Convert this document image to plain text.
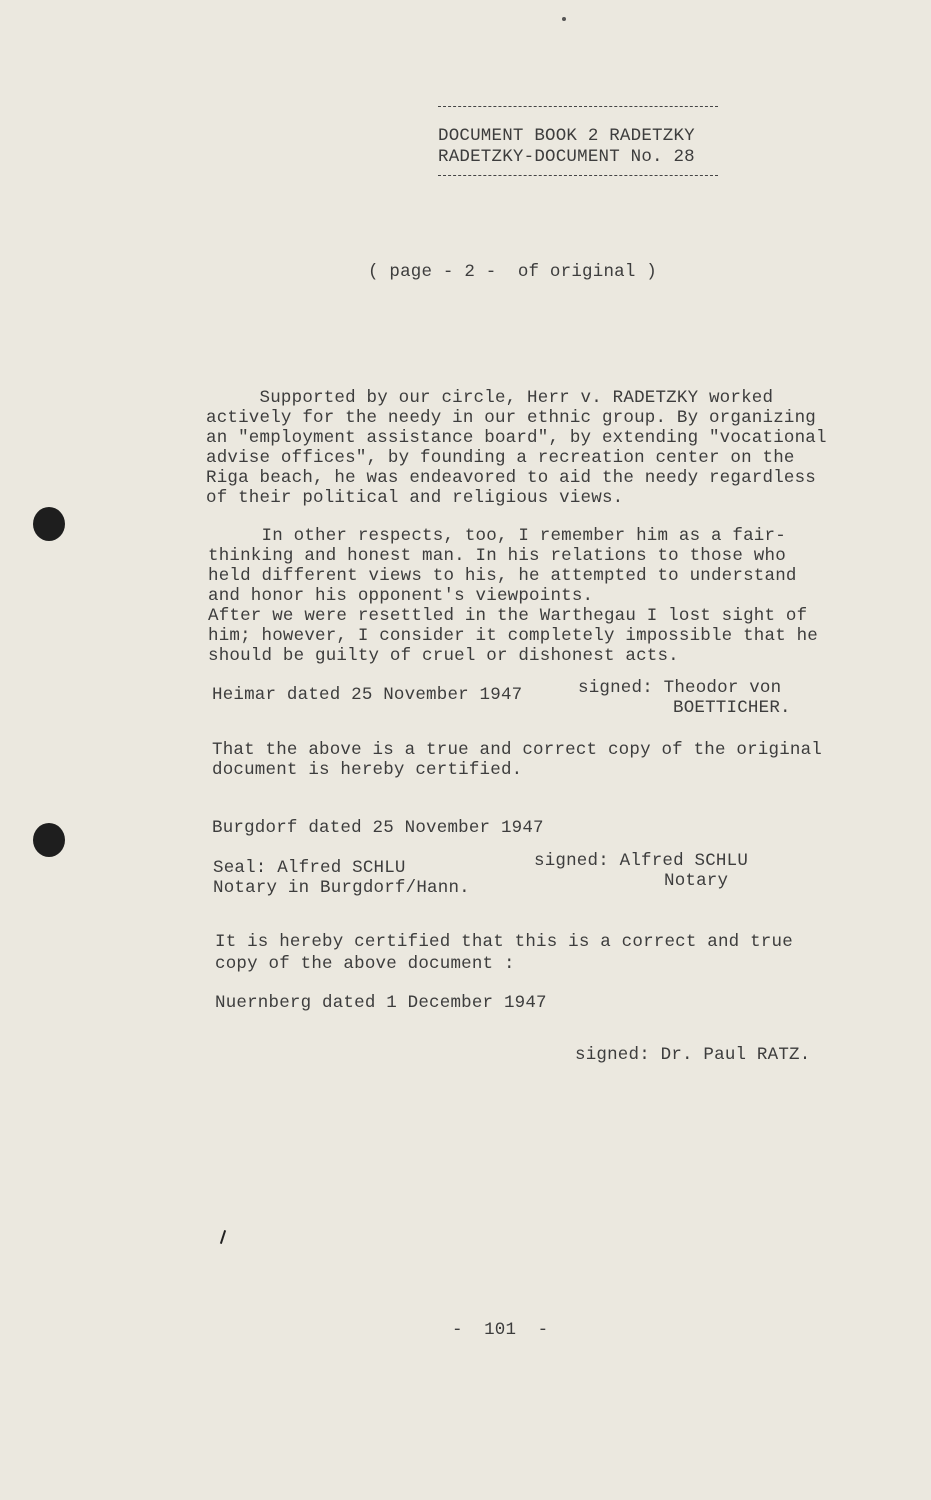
DOCUMENT BOOK 2 RADETZKY
RADETZKY-DOCUMENT No. 28
( page - 2 -  of original )
Supported by our circle, Herr v. RADETZKY worked
actively for the needy in our ethnic group. By organizing
an "employment assistance board", by extending "vocational
advise offices", by founding a recreation center on the
Riga beach, he was endeavored to aid the needy regardless
of their political and religious views.
In other respects, too, I remember him as a fair-
thinking and honest man. In his relations to those who
held different views to his, he attempted to understand
and honor his opponent's viewpoints.
After we were resettled in the Warthegau I lost sight of
him; however, I consider it completely impossible that he
should be guilty of cruel or dishonest acts.
Heimar dated 25 November 1947	signed: Theodor von
BOETTICHER.
That the above is a true and correct copy of the original
document is hereby certified.
Burgdorf dated 25 November 1947
Seal: Alfred SCHLU
Notary in Burgdorf/Hann.
signed: Alfred SCHLU
Notary
It is hereby certified that this is a correct and true
copy of the above document :
Nuernberg dated 1 December 1947
signed: Dr. Paul RATZ.
-  101  -
